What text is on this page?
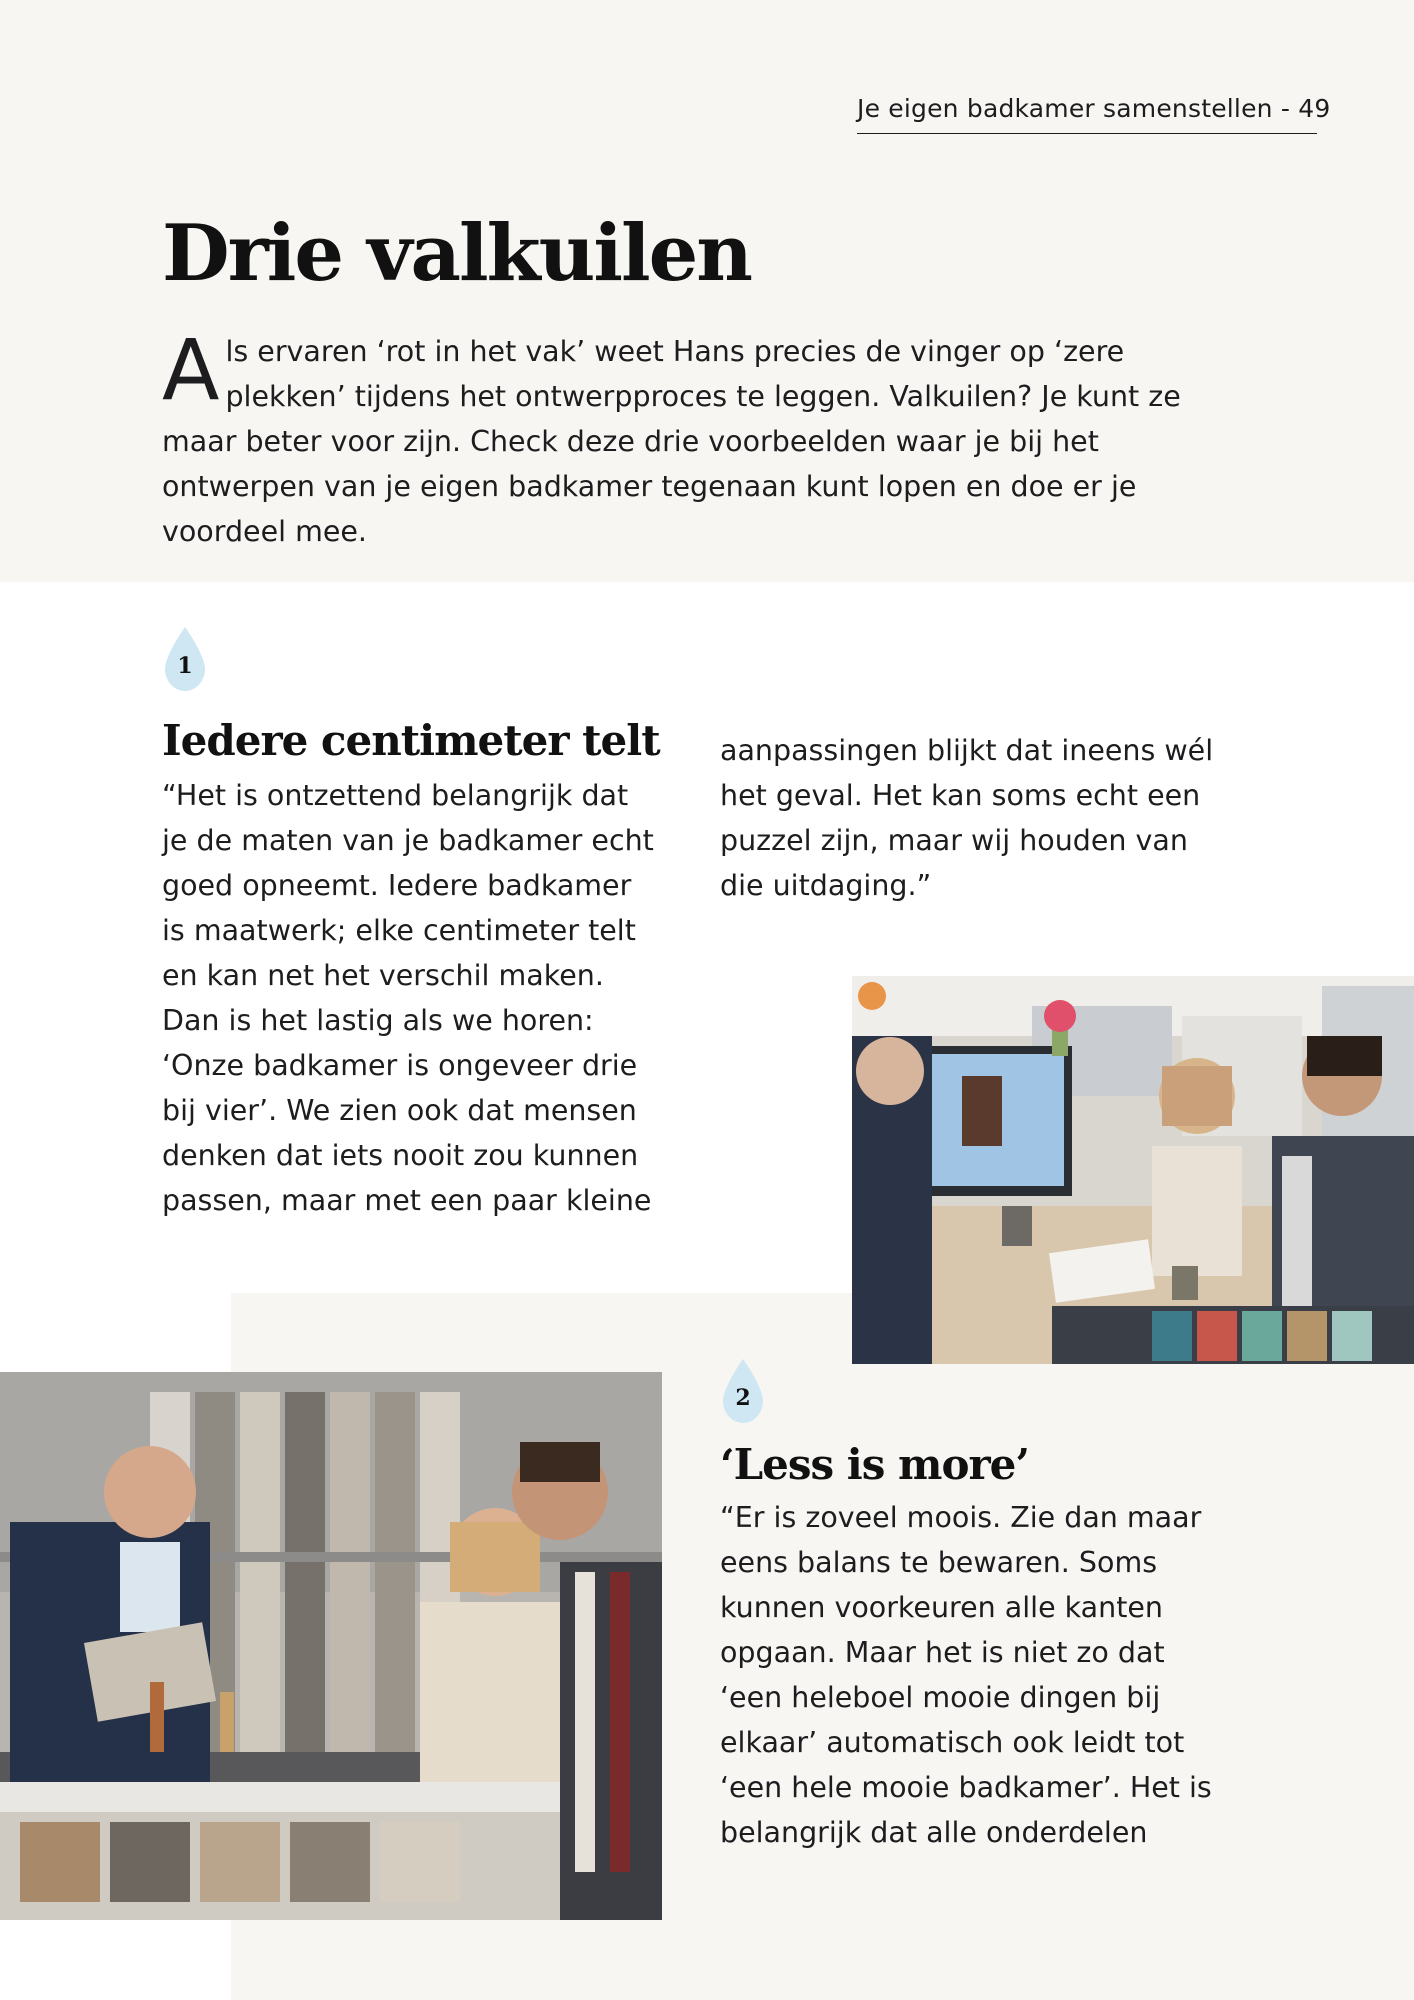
Je eigen badkamer samenstellen - 49
Drie valkuilen

Als ervaren ‘rot in het vak’ weet Hans precies de vinger op ‘zere plekken’ tijdens het ontwerpproces te leggen. Valkuilen? Je kunt ze maar beter voor zijn. Check deze drie voorbeelden waar je bij het ontwerpen van je eigen badkamer tegenaan kunt lopen en doe er je voordeel mee.

1
Iedere centimeter telt

“Het is ontzettend belangrijk dat
je de maten van je badkamer echt
goed opneemt. Iedere badkamer
is maatwerk; elke centimeter telt
en kan net het verschil maken.
Dan is het lastig als we horen:
‘Onze badkamer is ongeveer drie
bij vier’. We zien ook dat mensen
denken dat iets nooit zou kunnen
passen, maar met een paar kleine

aanpassingen blijkt dat ineens wél
het geval. Het kan soms echt een
puzzel zijn, maar wij houden van
die uitdaging.”

2
‘Less is more’

“Er is zoveel moois. Zie dan maar
eens balans te bewaren. Soms
kunnen voorkeuren alle kanten
opgaan. Maar het is niet zo dat
‘een heleboel mooie dingen bij
elkaar’ automatisch ook leidt tot
‘een hele mooie badkamer’. Het is
belangrijk dat alle onderdelen
